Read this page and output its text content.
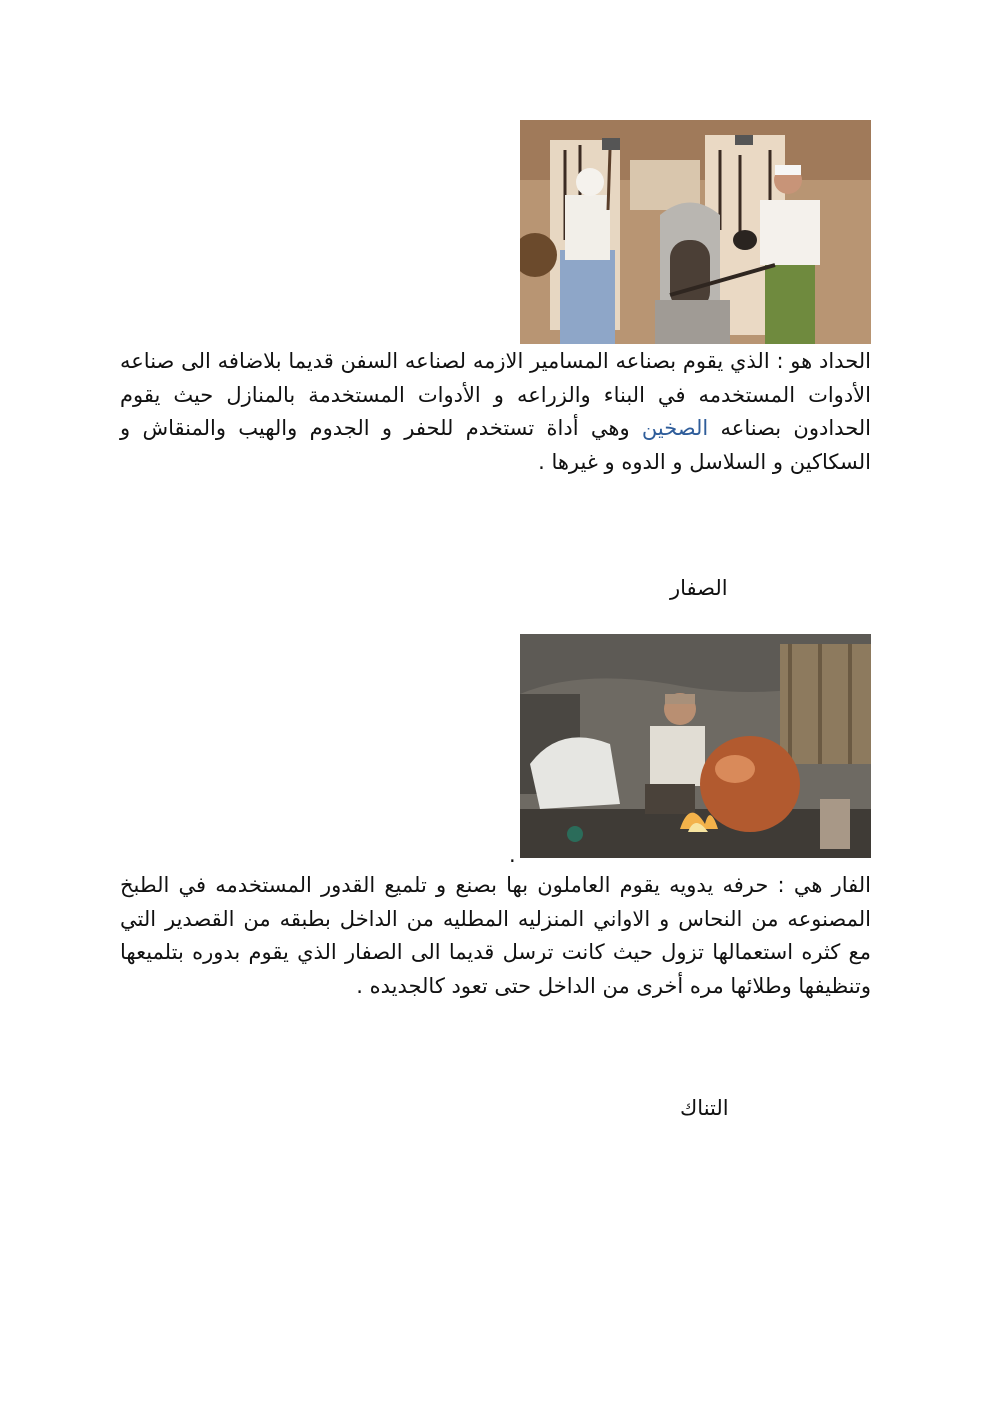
الحداد هو : الذي يقوم بصناعه المسامير الازمه لصناعه السفن قديما بلاضافه الى صناعه الأدوات المستخدمه في البناء والزراعه و الأدوات المستخدمة بالمنازل حيث يقوم الحدادون بصناعه الصخين وهي أداة تستخدم للحفر و الجدوم والهيب والمنقاش و السكاكين و السلاسل و الدوه و غيرها .

الصفار
.

الفار هي : حرفه يدويه يقوم العاملون بها بصنع و تلميع القدور المستخدمه في الطبخ المصنوعه من النحاس و الاواني المنزليه المطليه من الداخل بطبقه من القصدير التي مع كثره استعمالها تزول حيث كانت ترسل قديما الى الصفار الذي يقوم بدوره بتلميعها وتنظيفها وطلائها مره أخرى من الداخل حتى تعود كالجديده .

التناك
